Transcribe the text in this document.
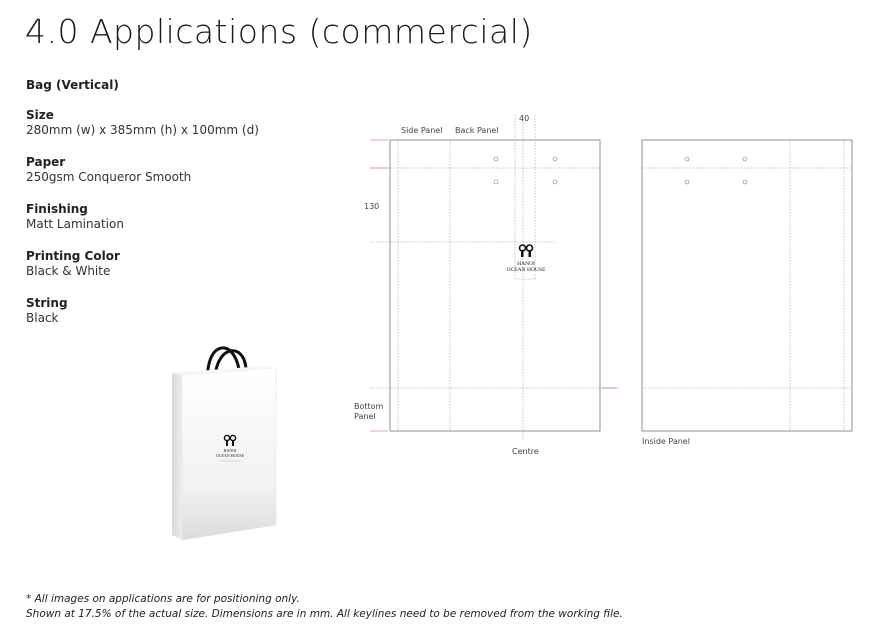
4.0 Applications (commercial)
Bag (Vertical)

Size

280mm (w) x 385mm (h) x 100mm (d)

Paper

250gsm Conqueror Smooth

Finishing

Matt Lamination

Printing Color

Black & White

String

Black

HANOI
OCEAN HOUSE
HANOI
OCEAN HOUSE
Side Panel Back Panel
40
130
Bottom
Panel
Centre
Inside Panel
* All images on applications are for positioning only.
Shown at 17.5% of the actual size. Dimensions are in mm. All keylines need to be removed from the working file.
